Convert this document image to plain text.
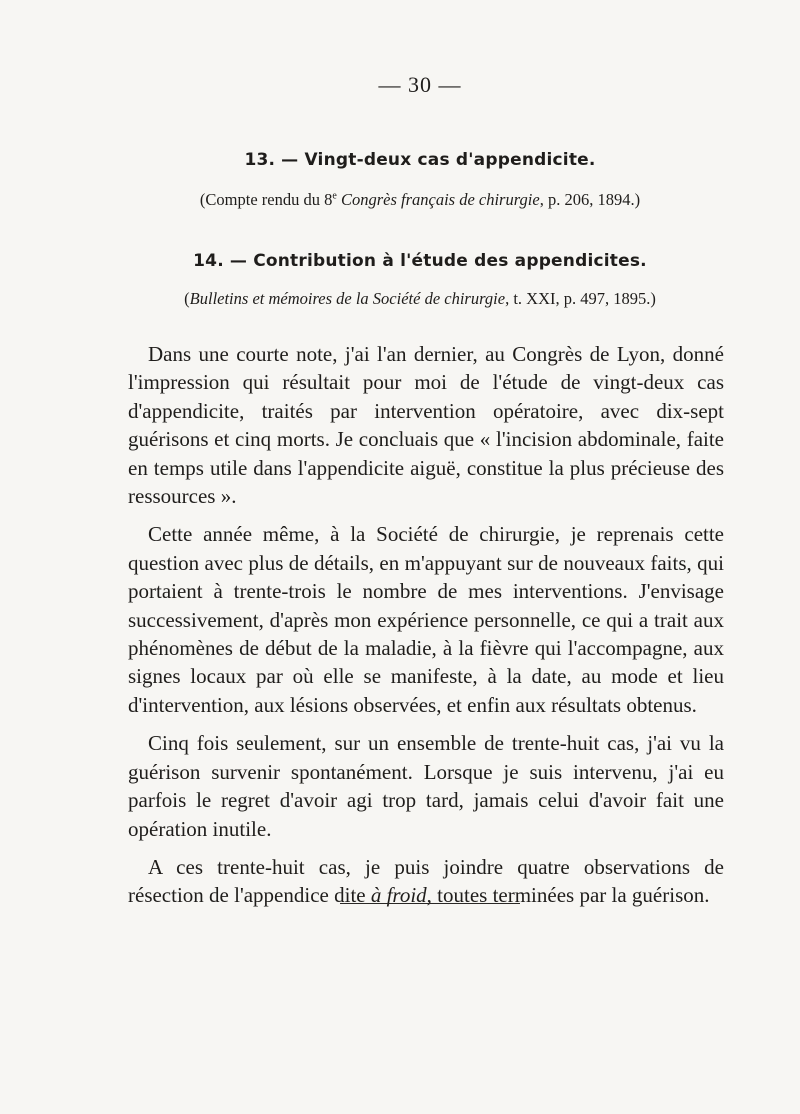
— 30 —
13. — Vingt-deux cas d'appendicite.
(Compte rendu du 8e Congrès français de chirurgie, p. 206, 1894.)
14. — Contribution à l'étude des appendicites.
(Bulletins et mémoires de la Société de chirurgie, t. XXI, p. 497, 1895.)

Dans une courte note, j'ai l'an dernier, au Congrès de Lyon, donné l'impression qui résultait pour moi de l'étude de vingt-deux cas d'appendicite, traités par intervention opératoire, avec dix-sept guérisons et cinq morts. Je concluais que « l'incision abdominale, faite en temps utile dans l'appendicite aiguë, constitue la plus précieuse des ressources ».

Cette année même, à la Société de chirurgie, je reprenais cette question avec plus de détails, en m'appuyant sur de nouveaux faits, qui portaient à trente-trois le nombre de mes interventions. J'envisage successivement, d'après mon expérience personnelle, ce qui a trait aux phénomènes de début de la maladie, à la fièvre qui l'accompagne, aux signes locaux par où elle se manifeste, à la date, au mode et lieu d'intervention, aux lésions observées, et enfin aux résultats obtenus.

Cinq fois seulement, sur un ensemble de trente-huit cas, j'ai vu la guérison survenir spontanément. Lorsque je suis intervenu, j'ai eu parfois le regret d'avoir agi trop tard, jamais celui d'avoir fait une opération inutile.

A ces trente-huit cas, je puis joindre quatre observations de résection de l'appendice dite à froid, toutes terminées par la guérison.
